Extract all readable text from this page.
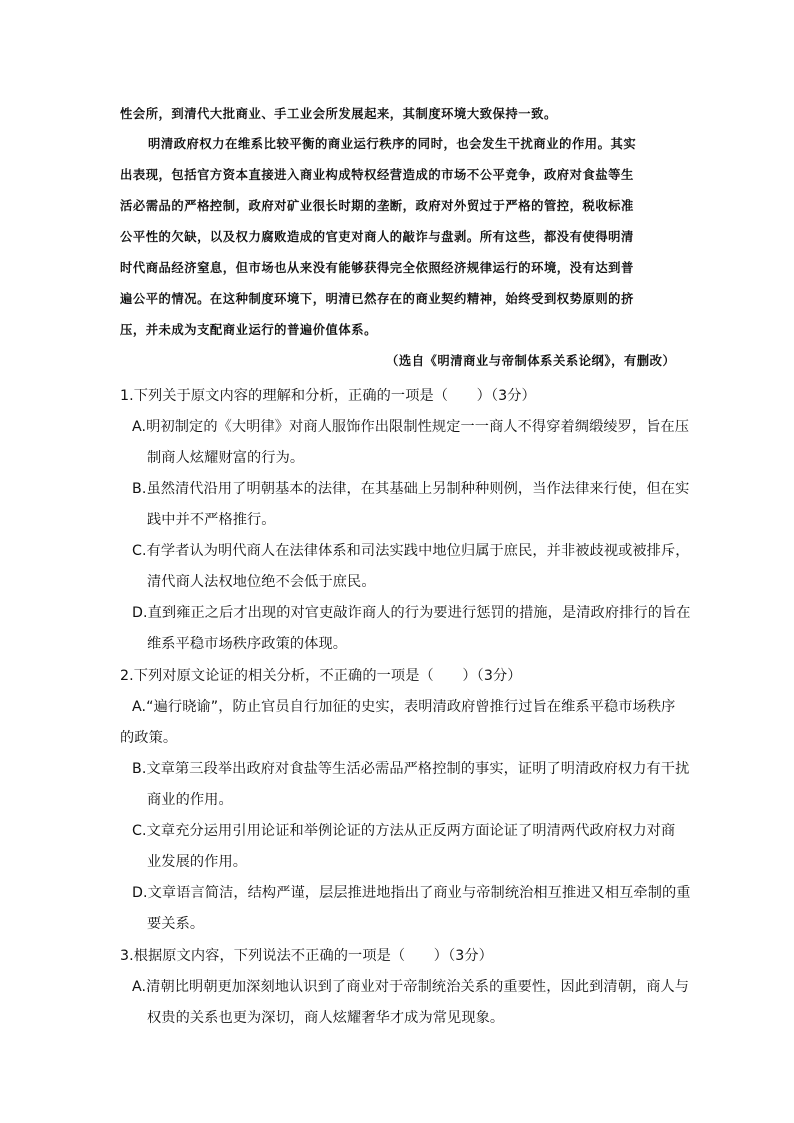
性会所，到清代大批商业、手工业会所发展起来，其制度环境大致保持一致。
明清政府权力在维系比较平衡的商业运行秩序的同时，也会发生干扰商业的作用。其实
出表现，包括官方资本直接进入商业构成特权经营造成的市场不公平竞争，政府对食盐等生
活必需品的严格控制，政府对矿业很长时期的垄断，政府对外贸过于严格的管控，税收标准
公平性的欠缺，以及权力腐败造成的官吏对商人的敲诈与盘剥。所有这些，都没有使得明清
时代商品经济窒息，但市场也从来没有能够获得完全依照经济规律运行的环境，没有达到普
遍公平的情况。在这种制度环境下，明清已然存在的商业契约精神，始终受到权势原则的挤
压，并未成为支配商业运行的普遍价值体系。
（选自《明清商业与帝制体系关系论纲》，有删改）
1.下列关于原文内容的理解和分析，正确的一项是（　　）（3分）
A.明初制定的《大明律》对商人服饰作出限制性规定一一商人不得穿着绸缎绫罗，旨在压
制商人炫耀财富的行为。
B.虽然清代沿用了明朝基本的法律，在其基础上另制种种则例，当作法律来行使，但在实
践中并不严格推行。
C.有学者认为明代商人在法律体系和司法实践中地位归属于庶民，并非被歧视或被排斥，
清代商人法权地位绝不会低于庶民。
D.直到雍正之后才出现的对官吏敲诈商人的行为要进行惩罚的措施，是清政府排行的旨在
维系平稳市场秩序政策的体现。
2.下列对原文论证的相关分析，不正确的一项是（　　）（3分）
A.“遍行晓谕”，防止官员自行加征的史实，表明清政府曾推行过旨在维系平稳市场秩序
的政策。
B.文章第三段举出政府对食盐等生活必需品严格控制的事实，证明了明清政府权力有干扰
商业的作用。
C.文章充分运用引用论证和举例论证的方法从正反两方面论证了明清两代政府权力对商
业发展的作用。
D.文章语言简洁，结构严谨，层层推进地指出了商业与帝制统治相互推进又相互牵制的重
要关系。
3.根据原文内容，下列说法不正确的一项是（　　）（3分）
A.清朝比明朝更加深刻地认识到了商业对于帝制统治关系的重要性，因此到清朝，商人与
权贵的关系也更为深切，商人炫耀奢华才成为常见现象。
